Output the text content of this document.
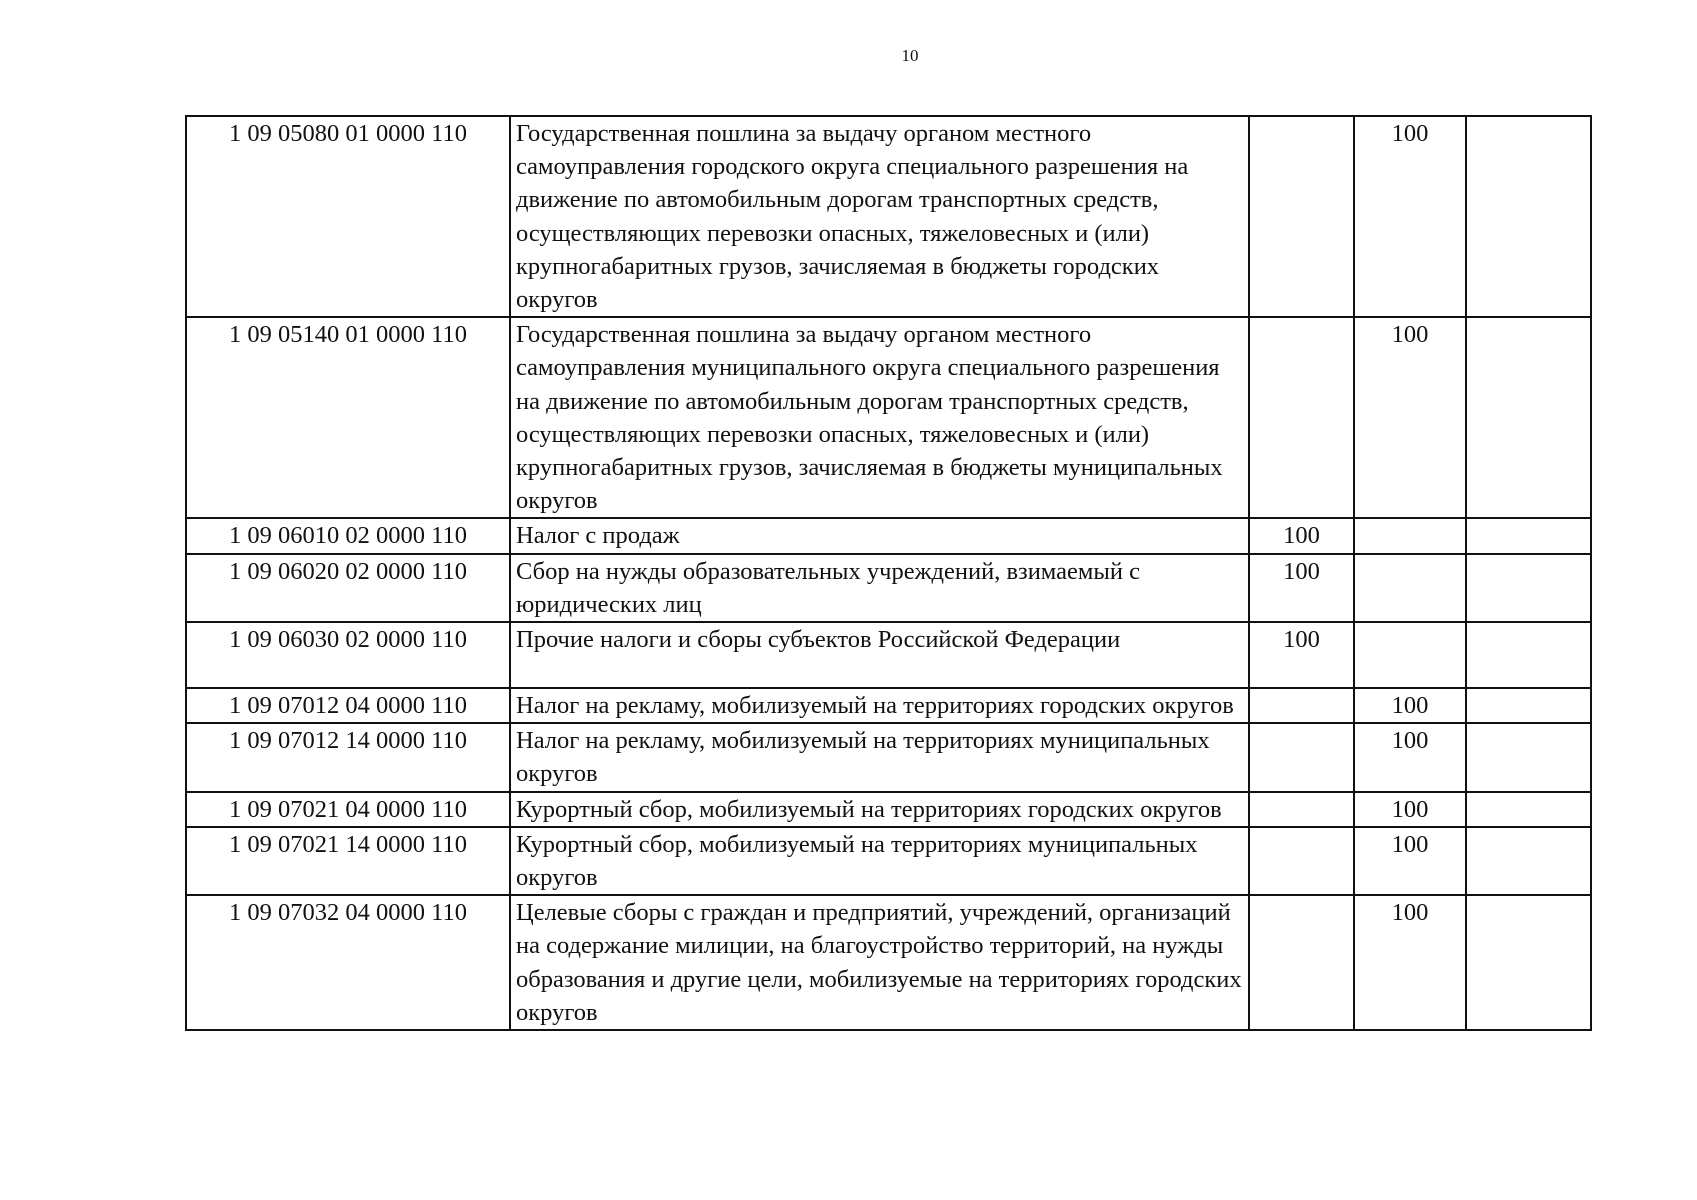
10
1 09 05080 01 0000 110	Государственная пошлина за выдачу органом местного самоуправления городского округа специального разрешения на движение по автомобильным дорогам транспортных средств, осуществляющих перевозки опасных, тяжеловесных и (или) крупногабаритных грузов, зачисляемая в бюджеты городских округов		100	
1 09 05140 01 0000 110	Государственная пошлина за выдачу органом местного самоуправления муниципального округа специального разрешения на движение по автомобильным дорогам транспортных средств, осуществляющих перевозки опасных, тяжеловесных и (или) крупногабаритных грузов, зачисляемая в бюджеты муниципальных округов		100	
1 09 06010 02 0000 110	Налог с продаж	100		
1 09 06020 02 0000 110	Сбор на нужды образовательных учреждений, взимаемый с юридических лиц	100		
1 09 06030 02 0000 110	Прочие налоги и сборы субъектов Российской Федерации	100		
1 09 07012 04 0000 110	Налог на рекламу, мобилизуемый на территориях городских округов		100	
1 09 07012 14 0000 110	Налог на рекламу, мобилизуемый на территориях муниципальных округов		100	
1 09 07021 04 0000 110	Курортный сбор, мобилизуемый на территориях городских округов		100	
1 09 07021 14 0000 110	Курортный сбор, мобилизуемый на территориях муниципальных округов		100	
1 09 07032 04 0000 110	Целевые сборы с граждан и предприятий, учреждений, организаций на содержание милиции, на благоустройство территорий, на нужды образования и другие цели, мобилизуемые на территориях городских округов		100	
